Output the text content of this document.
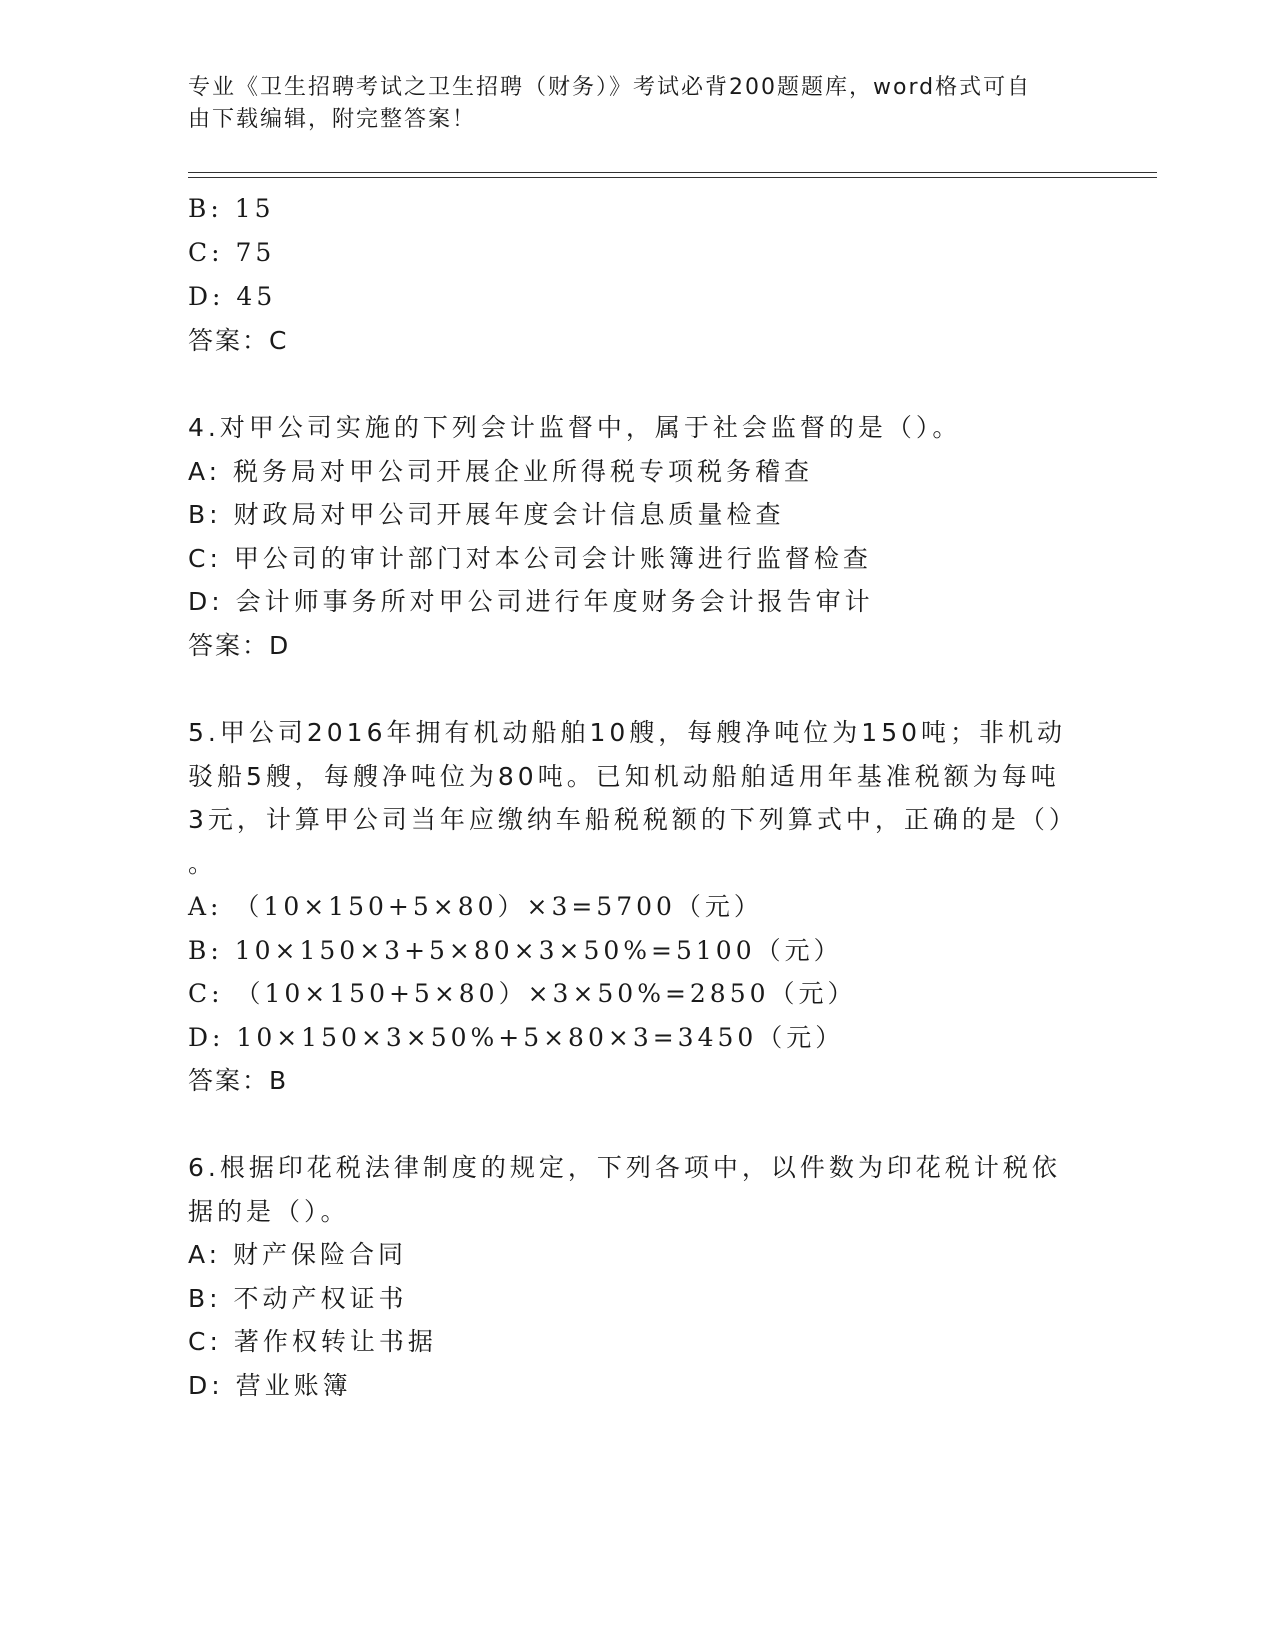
专业《卫生招聘考试之卫生招聘（财务）》考试必背200题题库，word格式可自
由下载编辑，附完整答案！
B: 15
C: 75
D: 45
答案：C
4.对甲公司实施的下列会计监督中，属于社会监督的是（）。
A: 税务局对甲公司开展企业所得税专项税务稽查
B: 财政局对甲公司开展年度会计信息质量检查
C: 甲公司的审计部门对本公司会计账簿进行监督检查
D: 会计师事务所对甲公司进行年度财务会计报告审计
答案：D
5.甲公司2016年拥有机动船舶10艘，每艘净吨位为150吨；非机动
驳船5艘，每艘净吨位为80吨。已知机动船舶适用年基准税额为每吨
3元，计算甲公司当年应缴纳车船税税额的下列算式中，正确的是（）
。
A: （10×150+5×80）×3=5700（元）
B: 10×150×3+5×80×3×50%=5100（元）
C: （10×150+5×80）×3×50%=2850（元）
D: 10×150×3×50%+5×80×3=3450（元）
答案：B
6.根据印花税法律制度的规定，下列各项中，以件数为印花税计税依
据的是（）。
A: 财产保险合同
B: 不动产权证书
C: 著作权转让书据
D: 营业账簿
